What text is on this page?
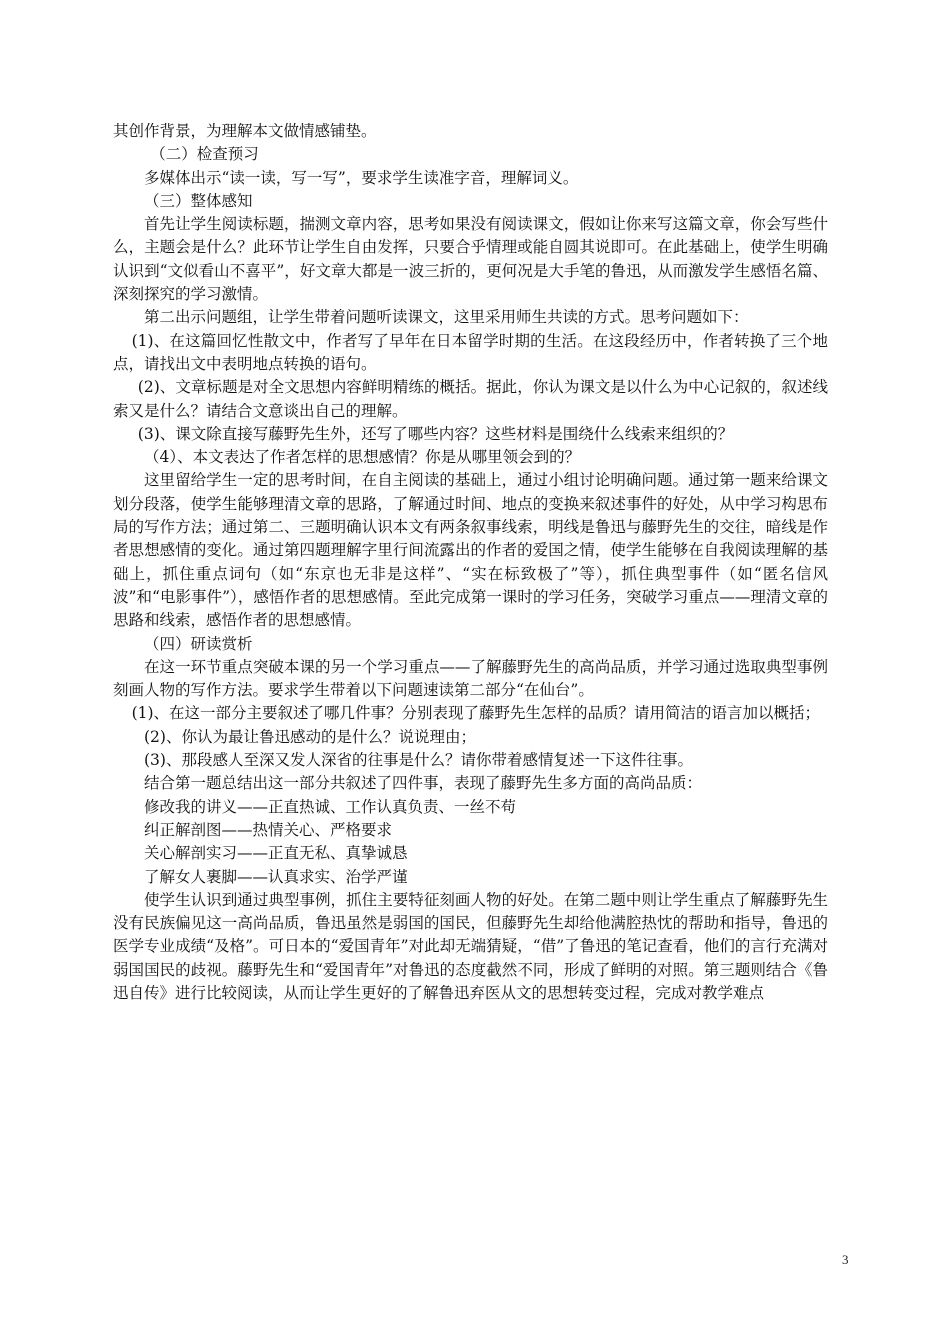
其创作背景，为理解本文做情感铺垫。

（二）检查预习

多媒体出示“读一读，写一写”，要求学生读准字音，理解词义。

（三）整体感知

首先让学生阅读标题，揣测文章内容，思考如果没有阅读课文，假如让你来写这篇文章，你会写些什么，主题会是什么？此环节让学生自由发挥，只要合乎情理或能自圆其说即可。在此基础上，使学生明确认识到“文似看山不喜平”，好文章大都是一波三折的，更何况是大手笔的鲁迅，从而激发学生感悟名篇、深刻探究的学习激情。

第二出示问题组，让学生带着问题听读课文，这里采用师生共读的方式。思考问题如下：

(1)、在这篇回忆性散文中，作者写了早年在日本留学时期的生活。在这段经历中，作者转换了三个地点，请找出文中表明地点转换的语句。

(2)、文章标题是对全文思想内容鲜明精练的概括。据此，你认为课文是以什么为中心记叙的，叙述线索又是什么？请结合文意谈出自己的理解。

(3)、课文除直接写藤野先生外，还写了哪些内容？这些材料是围绕什么线索来组织的？

（4）、本文表达了作者怎样的思想感情？你是从哪里领会到的？

这里留给学生一定的思考时间，在自主阅读的基础上，通过小组讨论明确问题。通过第一题来给课文划分段落，使学生能够理清文章的思路，了解通过时间、地点的变换来叙述事件的好处，从中学习构思布局的写作方法；通过第二、三题明确认识本文有两条叙事线索，明线是鲁迅与藤野先生的交往，暗线是作者思想感情的变化。通过第四题理解字里行间流露出的作者的爱国之情，使学生能够在自我阅读理解的基础上，抓住重点词句（如“东京也无非是这样”、“实在标致极了”等），抓住典型事件（如“匿名信风波”和“电影事件”），感悟作者的思想感情。至此完成第一课时的学习任务，突破学习重点——理清文章的思路和线索，感悟作者的思想感情。

（四）研读赏析

在这一环节重点突破本课的另一个学习重点——了解藤野先生的高尚品质，并学习通过选取典型事例刻画人物的写作方法。要求学生带着以下问题速读第二部分“在仙台”。

(1)、在这一部分主要叙述了哪几件事？分别表现了藤野先生怎样的品质？请用简洁的语言加以概括；

(2)、你认为最让鲁迅感动的是什么？说说理由；

(3)、那段感人至深又发人深省的往事是什么？请你带着感情复述一下这件往事。

结合第一题总结出这一部分共叙述了四件事，表现了藤野先生多方面的高尚品质：

修改我的讲义——正直热诚、工作认真负责、一丝不苟

纠正解剖图——热情关心、严格要求

关心解剖实习——正直无私、真挚诚恳

了解女人裹脚——认真求实、治学严谨

使学生认识到通过典型事例，抓住主要特征刻画人物的好处。在第二题中则让学生重点了解藤野先生没有民族偏见这一高尚品质，鲁迅虽然是弱国的国民，但藤野先生却给他满腔热忱的帮助和指导，鲁迅的医学专业成绩“及格”。可日本的“爱国青年”对此却无端猜疑，“借”了鲁迅的笔记查看，他们的言行充满对弱国国民的歧视。藤野先生和“爱国青年”对鲁迅的态度截然不同，形成了鲜明的对照。第三题则结合《鲁迅自传》进行比较阅读，从而让学生更好的了解鲁迅弃医从文的思想转变过程，完成对教学难点

3
